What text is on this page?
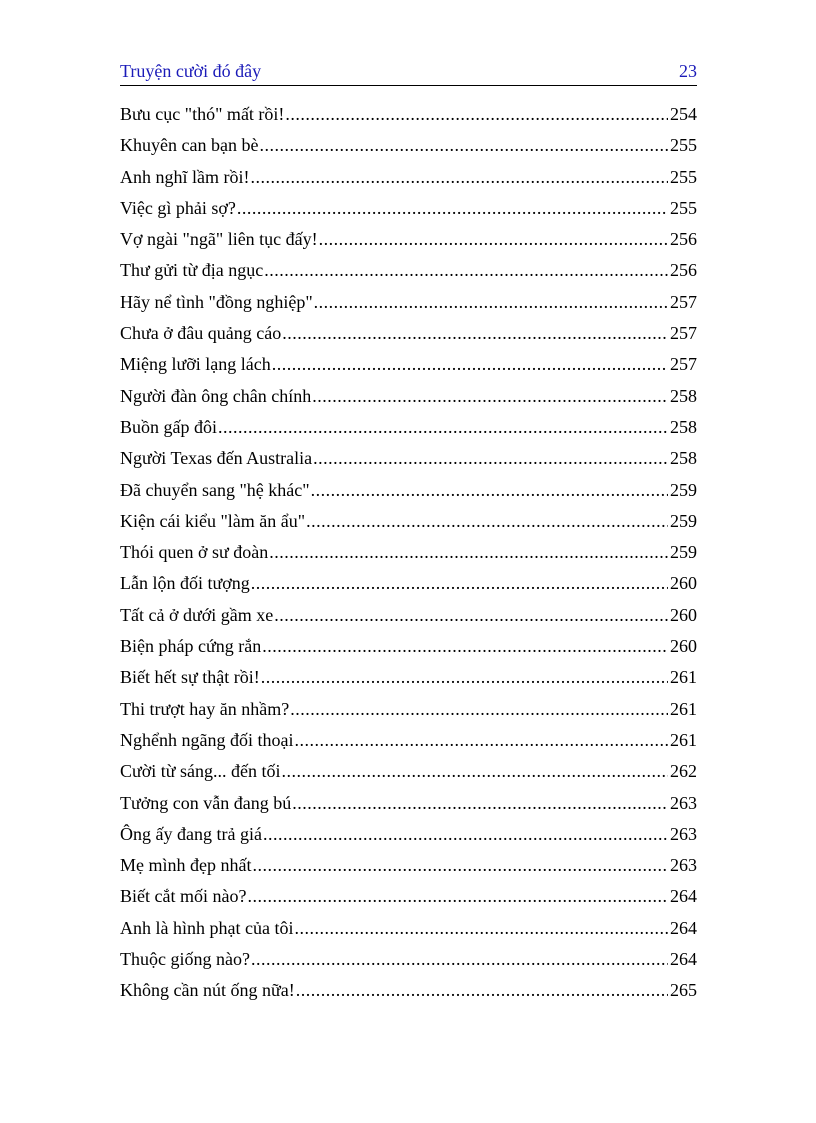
Truyện cười đó đây	23
Bưu cục "thó" mất rồi! .....	254
Khuyên can bạn bè .....	255
Anh nghĩ lầm rồi! .....	255
Việc gì phải sợ? .....	255
Vợ ngài "ngã" liên tục đấy! .....	256
Thư gửi từ địa ngục .....	256
Hãy nể tình "đồng nghiệp" .....	257
Chưa ở đâu quảng cáo .....	257
Miệng lưỡi lạng lách .....	257
Người đàn ông chân chính .....	258
Buồn gấp đôi .....	258
Người Texas đến Australia .....	258
Đã chuyển sang "hệ khác" .....	259
Kiện cái kiểu "làm ăn ẩu" .....	259
Thói quen ở sư đoàn .....	259
Lẫn lộn đối tượng .....	260
Tất cả ở dưới gầm xe .....	260
Biện pháp cứng rắn .....	260
Biết hết sự thật rồi! .....	261
Thi trượt hay ăn nhầm? .....	261
Nghểnh ngãng đối thoại .....	261
Cười từ sáng... đến tối .....	262
Tưởng con vẫn đang bú .....	263
Ông ấy đang trả giá .....	263
Mẹ mình đẹp nhất .....	263
Biết cắt mối nào? .....	264
Anh là hình phạt của tôi .....	264
Thuộc giống nào? .....	264
Không cần nút ống nữa! .....	265
